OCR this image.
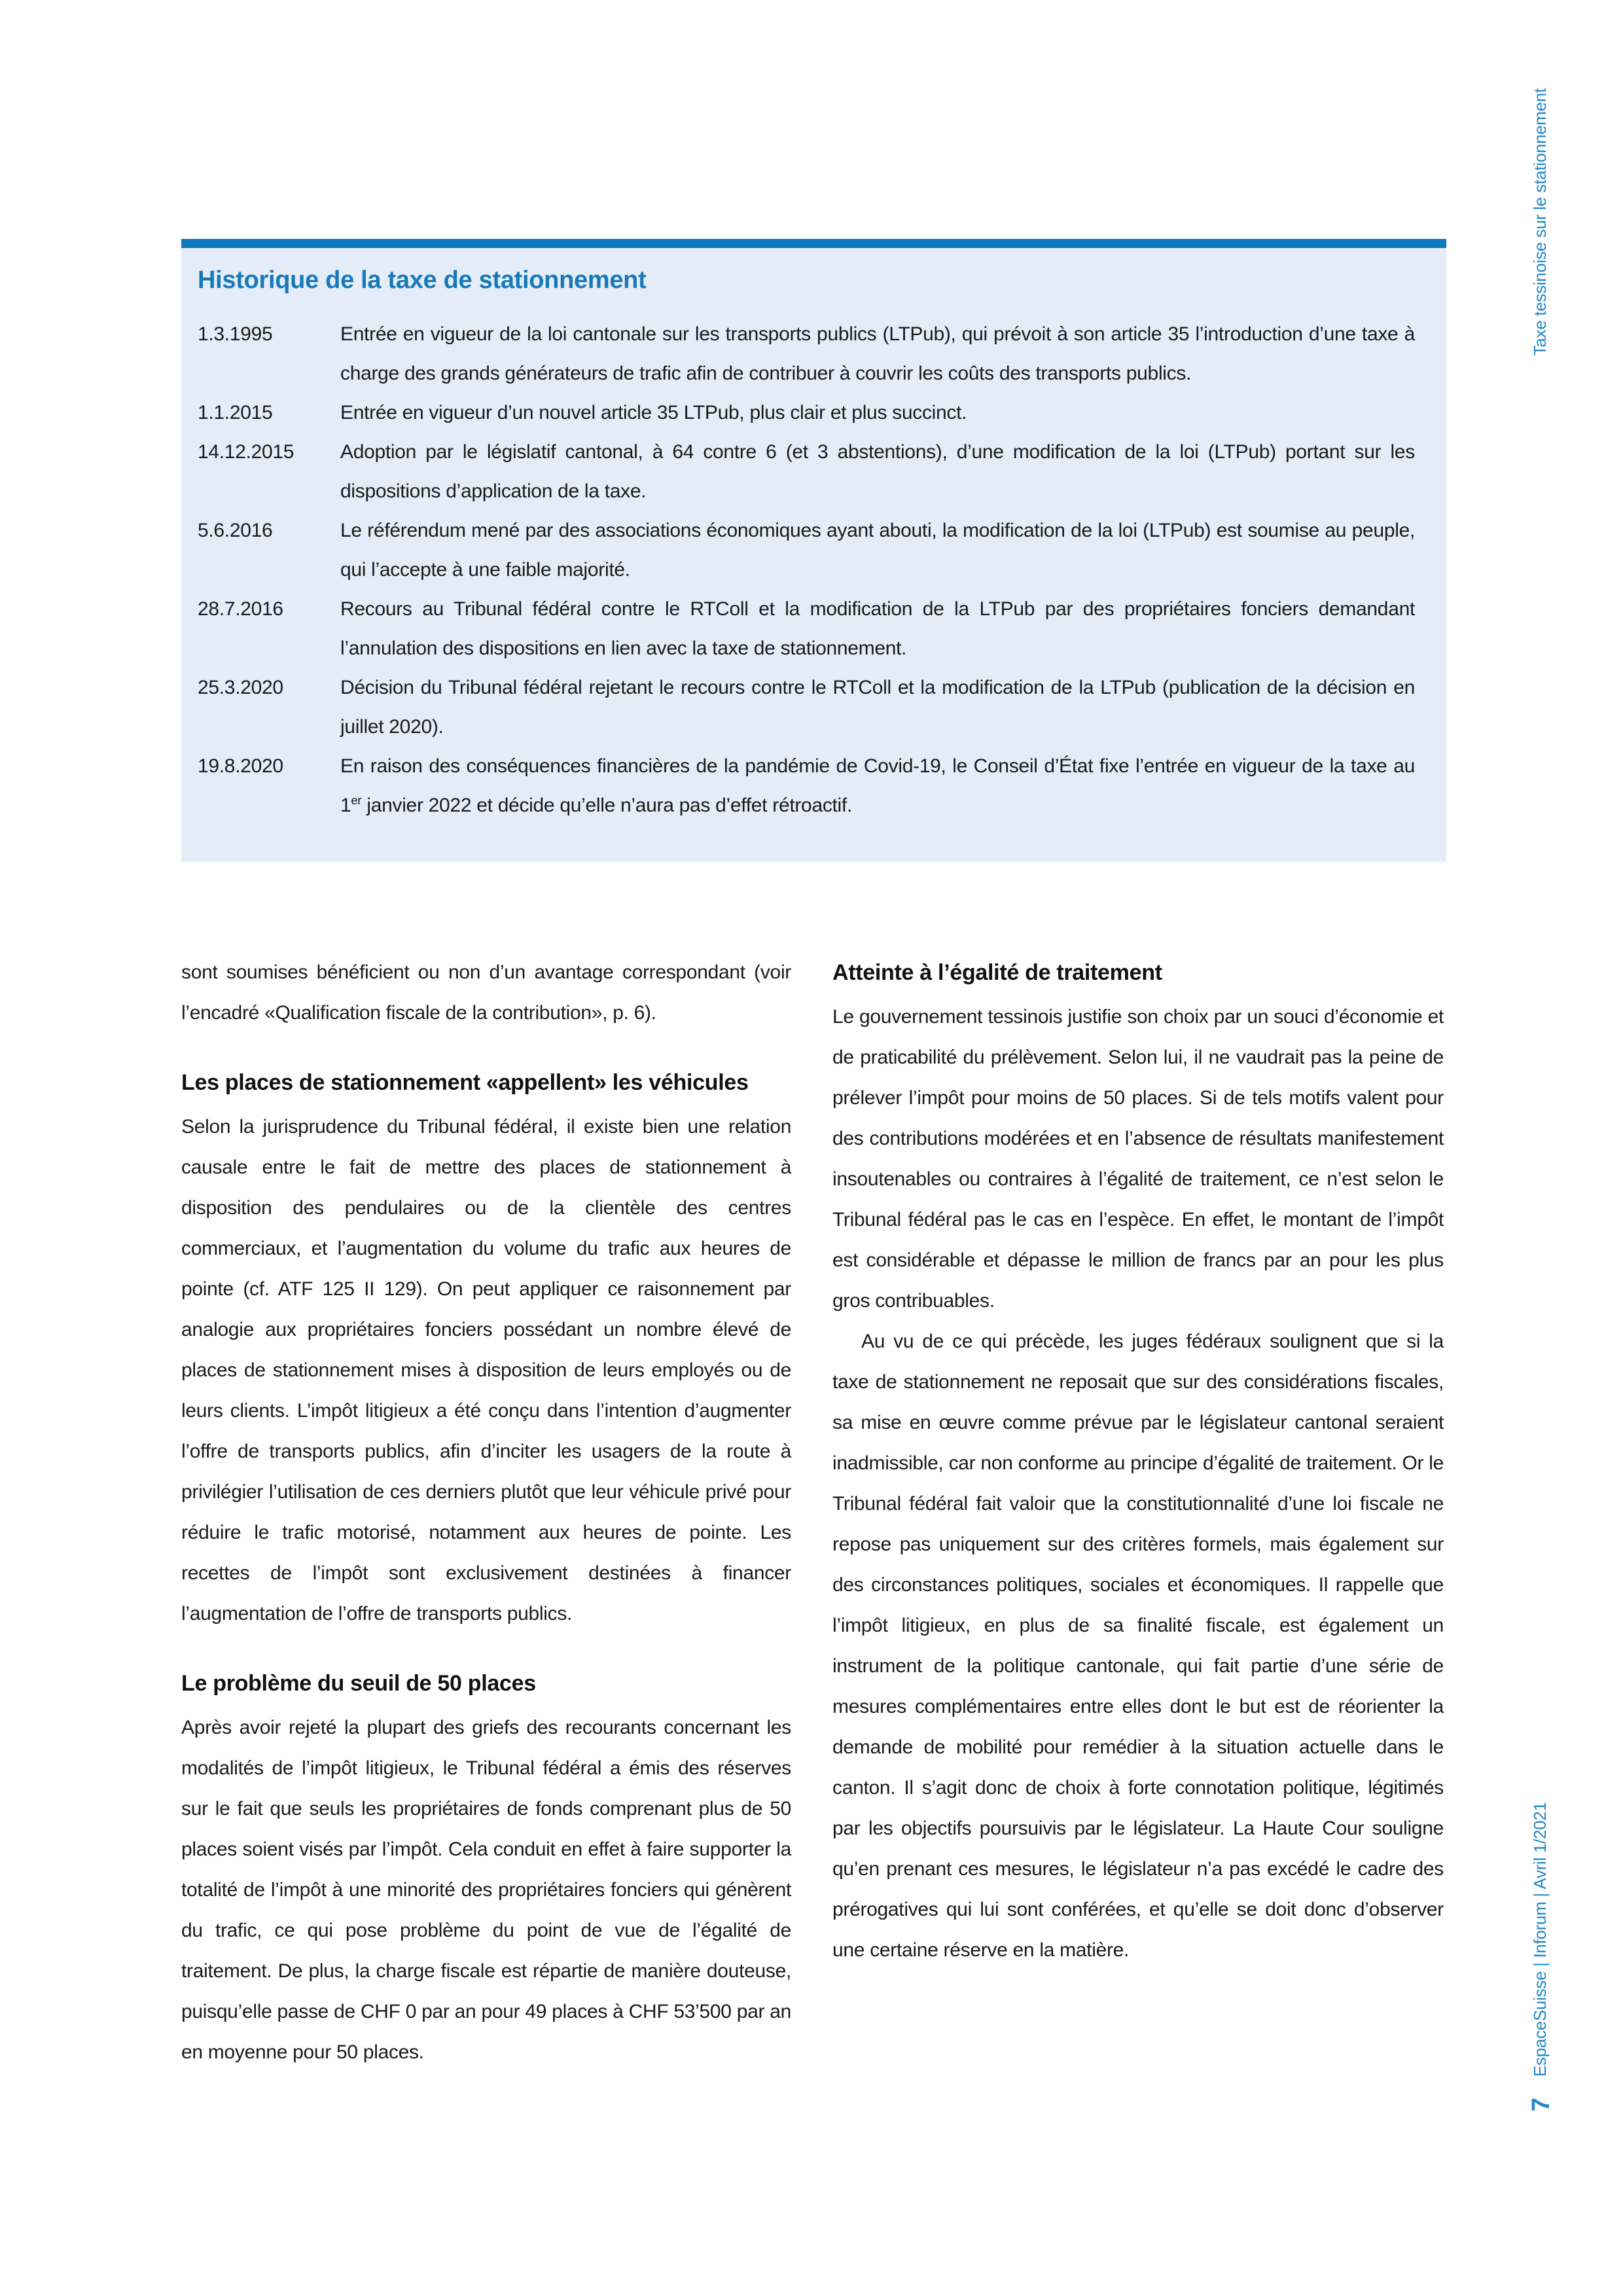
Taxe tessinoise sur le stationnement
Historique de la taxe de stationnement
1.3.1995	Entrée en vigueur de la loi cantonale sur les transports publics (LTPub), qui prévoit à son article 35 l’introduction d’une taxe à charge des grands générateurs de trafic afin de contribuer à couvrir les coûts des transports publics.
1.1.2015	Entrée en vigueur d’un nouvel article 35 LTPub, plus clair et plus succinct.
14.12.2015	Adoption par le législatif cantonal, à 64 contre 6 (et 3 abstentions), d’une modification de la loi (LTPub) portant sur les dispositions d’application de la taxe.
5.6.2016	Le référendum mené par des associations économiques ayant abouti, la modification de la loi (LTPub) est soumise au peuple, qui l’accepte à une faible majorité.
28.7.2016	Recours au Tribunal fédéral contre le RTColl et la modification de la LTPub par des propriétaires fonciers demandant l’annulation des dispositions en lien avec la taxe de stationnement.
25.3.2020	Décision du Tribunal fédéral rejetant le recours contre le RTColl et la modification de la LTPub (publication de la décision en juillet 2020).
19.8.2020	En raison des conséquences financières de la pandémie de Covid-19, le Conseil d’État fixe l’entrée en vigueur de la taxe au 1er janvier 2022 et décide qu’elle n’aura pas d’effet rétroactif.

sont soumises bénéficient ou non d’un avantage correspondant (voir l’encadré «Qualification fiscale de la contribution», p. 6).

Les places de stationnement «appellent» les véhicules

Selon la jurisprudence du Tribunal fédéral, il existe bien une relation causale entre le fait de mettre des places de stationnement à disposition des pendulaires ou de la clientèle des centres commerciaux, et l’augmentation du volume du trafic aux heures de pointe (cf. ATF 125 II 129). On peut appliquer ce raisonnement par analogie aux propriétaires fonciers possédant un nombre élevé de places de stationnement mises à disposition de leurs employés ou de leurs clients. L’impôt litigieux a été conçu dans l’intention d’augmenter l’offre de transports publics, afin d’inciter les usagers de la route à privilégier l’utilisation de ces derniers plutôt que leur véhicule privé pour réduire le trafic motorisé, notamment aux heures de pointe. Les recettes de l’impôt sont exclusivement destinées à financer l’augmentation de l’offre de transports publics.

Le problème du seuil de 50 places

Après avoir rejeté la plupart des griefs des recourants concernant les modalités de l’impôt litigieux, le Tribunal fédéral a émis des réserves sur le fait que seuls les propriétaires de fonds comprenant plus de 50 places soient visés par l’impôt. Cela conduit en effet à faire supporter la totalité de l’impôt à une minorité des propriétaires fonciers qui génèrent du trafic, ce qui pose problème du point de vue de l’égalité de traitement. De plus, la charge fiscale est répartie de manière douteuse, puisqu’elle passe de CHF 0 par an pour 49 places à CHF 53’500 par an en moyenne pour 50 places.

Atteinte à l’égalité de traitement

Le gouvernement tessinois justifie son choix par un souci d’économie et de praticabilité du prélèvement. Selon lui, il ne vaudrait pas la peine de prélever l’impôt pour moins de 50 places. Si de tels motifs valent pour des contributions modérées et en l’absence de résultats manifestement insoutenables ou contraires à l’égalité de traitement, ce n’est selon le Tribunal fédéral pas le cas en l’espèce. En effet, le montant de l’impôt est considérable et dépasse le million de francs par an pour les plus gros contribuables.

Au vu de ce qui précède, les juges fédéraux soulignent que si la taxe de stationnement ne reposait que sur des considérations fiscales, sa mise en œuvre comme prévue par le législateur cantonal seraient inadmissible, car non conforme au principe d’égalité de traitement. Or le Tribunal fédéral fait valoir que la constitutionnalité d’une loi fiscale ne repose pas uniquement sur des critères formels, mais également sur des circonstances politiques, sociales et économiques. Il rappelle que l’impôt litigieux, en plus de sa finalité fiscale, est également un instrument de la politique cantonale, qui fait partie d’une série de mesures complémentaires entre elles dont le but est de réorienter la demande de mobilité pour remédier à la situation actuelle dans le canton. Il s’agit donc de choix à forte connotation politique, légitimés par les objectifs poursuivis par le législateur. La Haute Cour souligne qu’en prenant ces mesures, le législateur n’a pas excédé le cadre des prérogatives qui lui sont conférées, et qu’elle se doit donc d’observer une certaine réserve en la matière.	EspaceSuisse | Inforum | Avril 1/2021
7
